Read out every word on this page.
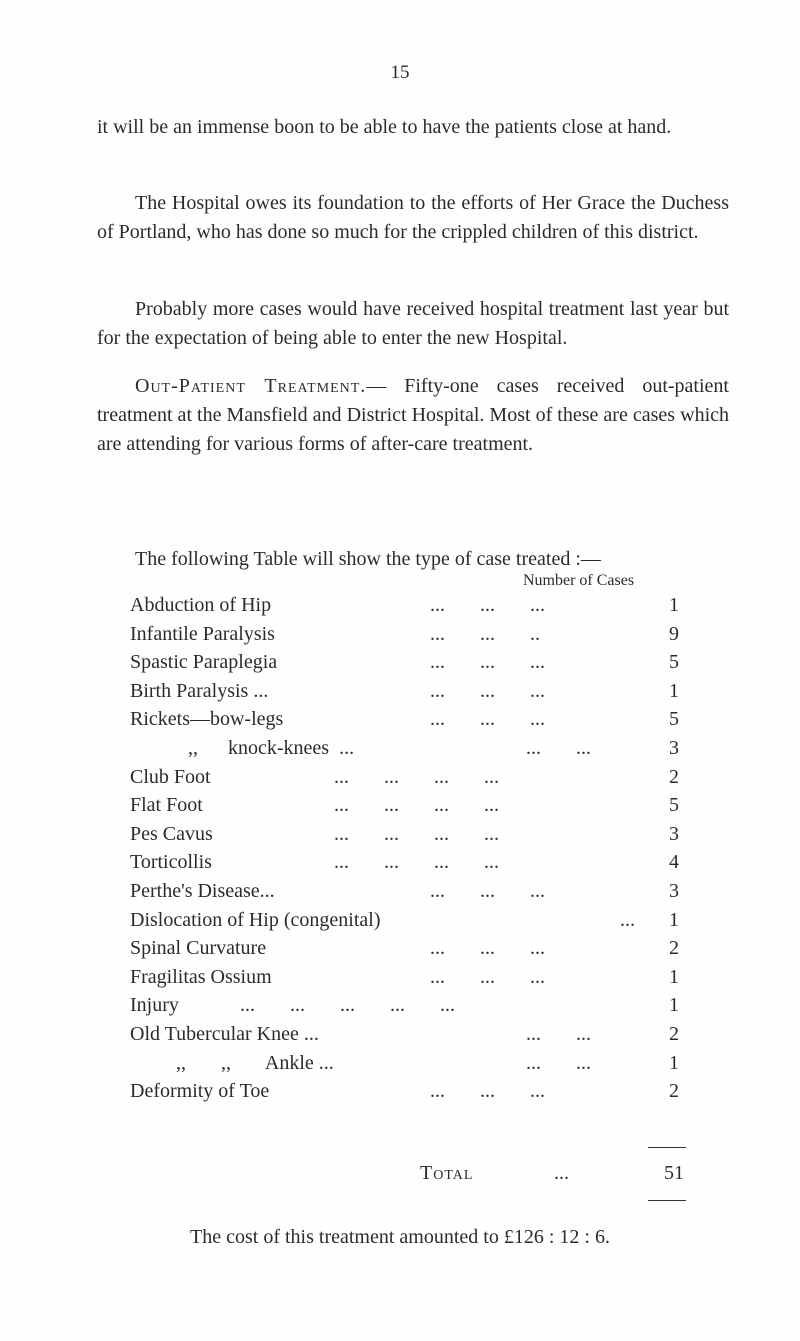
15

it will be an immense boon to be able to have the patients close at hand.

The Hospital owes its foundation to the efforts of Her Grace the Duchess of Portland, who has done so much for the crippled children of this district.

Probably more cases would have received hospital treatment last year but for the expectation of being able to enter the new Hospital.

Out-Patient Treatment.— Fifty-one cases received out-patient treatment at the Mansfield and District Hospital. Most of these are cases which are attending for various forms of after-care treatment.

The following Table will show the type of case treated :—

Number of Cases
Abduction of Hip	...       ...       ...	1
Infantile Paralysis	...       ...       ..	9
Spastic Paraplegia	...       ...       ...	5
Birth Paralysis ...	...       ...       ...	1
Rickets—bow-legs	...       ...       ...	5
,,      knock-knees  ...	...       ...	3
Club Foot	...       ...       ...       ...	2
Flat Foot	...       ...       ...       ...	5
Pes Cavus	...       ...       ...       ...	3
Torticollis	...       ...       ...       ...	4
Perthe's Disease...	...       ...       ...	3
Dislocation of Hip (congenital)	...	1
Spinal Curvature	...       ...       ...	2
Fragilitas Ossium	...       ...       ...	1
Injury	...       ...       ...       ...       ...	1
Old Tubercular Knee ...	...       ...	2
,,       ,,       Ankle ...	...       ...	1
Deformity of Toe	...       ...       ...	2
Total	...	51
The cost of this treatment amounted to £126 : 12 : 6.
